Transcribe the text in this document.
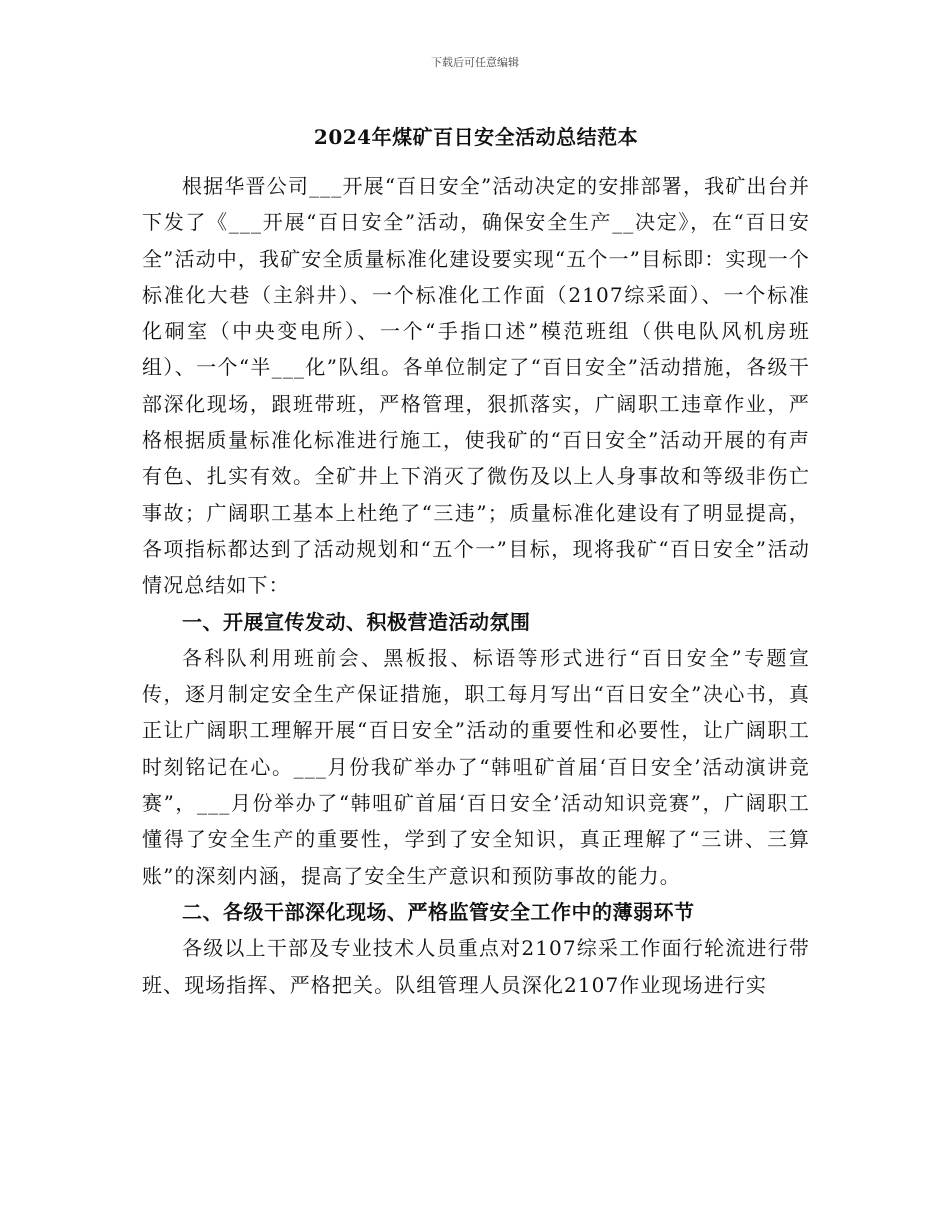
下载后可任意编辑
2024年煤矿百日安全活动总结范本

根据华晋公司___开展“百日安全”活动决定的安排部署，我矿出台并下发了《___开展“百日安全”活动，确保安全生产__决定》，在“百日安全”活动中，我矿安全质量标准化建设要实现“五个一”目标即：实现一个标准化大巷（主斜井）、一个标准化工作面（2107综采面）、一个标准化硐室（中央变电所）、一个“手指口述”模范班组（供电队风机房班组）、一个“半___化”队组。各单位制定了“百日安全”活动措施，各级干部深化现场，跟班带班，严格管理，狠抓落实，广阔职工违章作业，严格根据质量标准化标准进行施工，使我矿的“百日安全”活动开展的有声有色、扎实有效。全矿井上下消灭了微伤及以上人身事故和等级非伤亡事故；广阔职工基本上杜绝了“三违”；质量标准化建设有了明显提高，各项指标都达到了活动规划和“五个一”目标，现将我矿“百日安全”活动情况总结如下：

一、开展宣传发动、积极营造活动氛围

各科队利用班前会、黑板报、标语等形式进行“百日安全”专题宣传，逐月制定安全生产保证措施，职工每月写出“百日安全”决心书，真正让广阔职工理解开展“百日安全”活动的重要性和必要性，让广阔职工时刻铭记在心。___月份我矿举办了“韩咀矿首届‘百日安全’活动演讲竞赛”，___月份举办了“韩咀矿首届‘百日安全’活动知识竞赛”，广阔职工懂得了安全生产的重要性，学到了安全知识，真正理解了“三讲、三算账”的深刻内涵，提高了安全生产意识和预防事故的能力。

二、各级干部深化现场、严格监管安全工作中的薄弱环节

各级以上干部及专业技术人员重点对2107综采工作面行轮流进行带班、现场指挥、严格把关。队组管理人员深化2107作业现场进行实
